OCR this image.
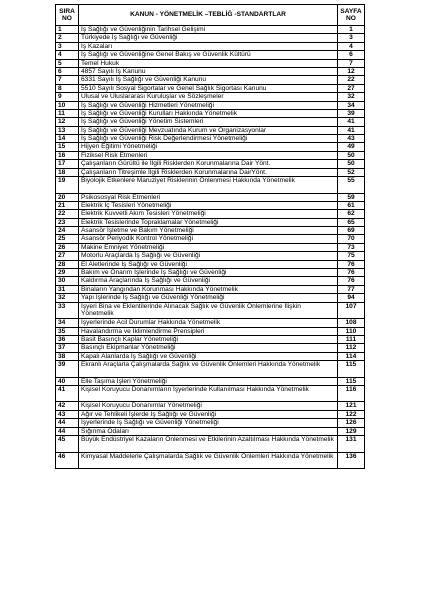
SIRA NO	KANUN - YÖNETMELİK –TEBLİĞ -STANDARTLAR	SAYFA NO
1	İş Sağlığı ve Güvenliğinin Tarihsel Gelişimi	1
2	Türkiyede İş Sağlığı ve Güvenliği	3
3	İş Kazaları	4
4	İş Sağlığı ve Güvenliğine Genel Bakış ve Güvenlik Kültürü	6
5	Temel Hukuk	7
6	4857 Sayılı İş Kanunu	12
7	6331 Sayılı İş Sağlığı ve Güvenliği Kanunu	22
8	5510 Sayılı Sosyal Sigortalar ve Genel Sağlık Sigortası Kanunu	27
9	Ulusal ve Uluslararası Kuruluşlar ve Sözleşmeler	32
10	İş Sağlığı ve Güvenliği Hizmetleri Yönetmeliği	34
11	İş Sağlığı ve Güvenliği Kurulları Hakkında Yönetmelik	39
12	İş Sağlığı ve Güvenliği Yönetim Sistemleri	41
13	İş Sağlığı ve Güvenliği Mevzuatında Kurum ve Organizasyonlar	41
14	İş Sağlığı ve Güvenliği Risk Değerlendirmesi Yönetmeliği	43
15	Hijyen Eğitimi Yönetmeliği	49
16	Fiziksel Risk Etmenleri	50
17	Çalışanların Gürültü ile İlgili Risklerden Korunmalarına Dair Yönt.	50
18	Çalışanların Titreşimle İlgili Risklerden Korunmalarına DairYönt.	52
19	Biyolojik Etkenlere Maruziyet Risklerinin Önlenmesi Hakkında Yönetmelik	55
20	Psikososyal Risk Etmenleri	59
21	Elektrik İç Tesisleri Yönetmeliği	61
22	Elektrik Kuvvetli Akım Tesisleri Yönetmeliği	62
23	Elektrik Tesislerinde Topraklamalar Yönetmeliği	65
24	Asansör İşletme ve Bakım Yönetmeliği	69
25	Asansör Periyodik Kontrol Yönetmeliği	70
26	Makine Emniyet Yönetmeliği	73
27	Motorlu Araçlarda İş Sağlığı ve Güvenliği	75
28	El Aletlerinde İş Sağlığı ve Güvenliği	76
29	Bakım ve Onarım İşlerinde İş Sağlığı ve Güvenliği	76
30	Kaldırma Araçlarında İş Sağlığı ve Güvenliği	76
31	Binaların Yangından Korunması Hakkında Yönetmelik	77
32	Yapı İşlerinde İş Sağlığı ve Güvenliği Yönetmeliği	94
33	İşyeri Bina ve Eklentilerinde Alınacak Sağlık ve Güvenlik Önlemlerine İlişkin Yönetmelik	107
34	İşyerlerinde Acil Durumlar Hakkında Yönetmelik	108
35	Havalandırma ve İklimlendirme Prensipleri	110
36	Basit Basınçlı Kaplar Yönetmeliği	111
37	Basınçlı Ekipmanlar Yönetmeliği	112
38	Kapalı Alanlarda İş Sağlığı ve Güvenliği	114
39	Ekranlı Araçlarla Çalışmalarda Sağlık ve Güvenlik Önlemleri Hakkında Yönetmelik	115
40	Elle Taşıma İşleri Yönetmeliği	115
41	Kişisel Koruyucu Donanımların İşyerlerinde Kullanılması Hakkında Yönetmelik	116
42	Kişisel Koruyucu Donanımlar Yönetmeliği	121
43	Ağır ve Tehlikeli İşlerde İş Sağlığı ve Güvenliği	122
44	İşyerlerinde İş Sağlığı ve Güvenliği Yönetmeliği	126
44	Sığınma Odaları	129
45	Büyük Endüstriyel Kazaların Önlenmesi ve Etkilerinin Azaltılması Hakkında Yönetmelik	131
46	Kimyasal Maddelerle Çalışmalarda Sağlık ve Güvenlik Önlemleri Hakkında Yönetmelik	136
